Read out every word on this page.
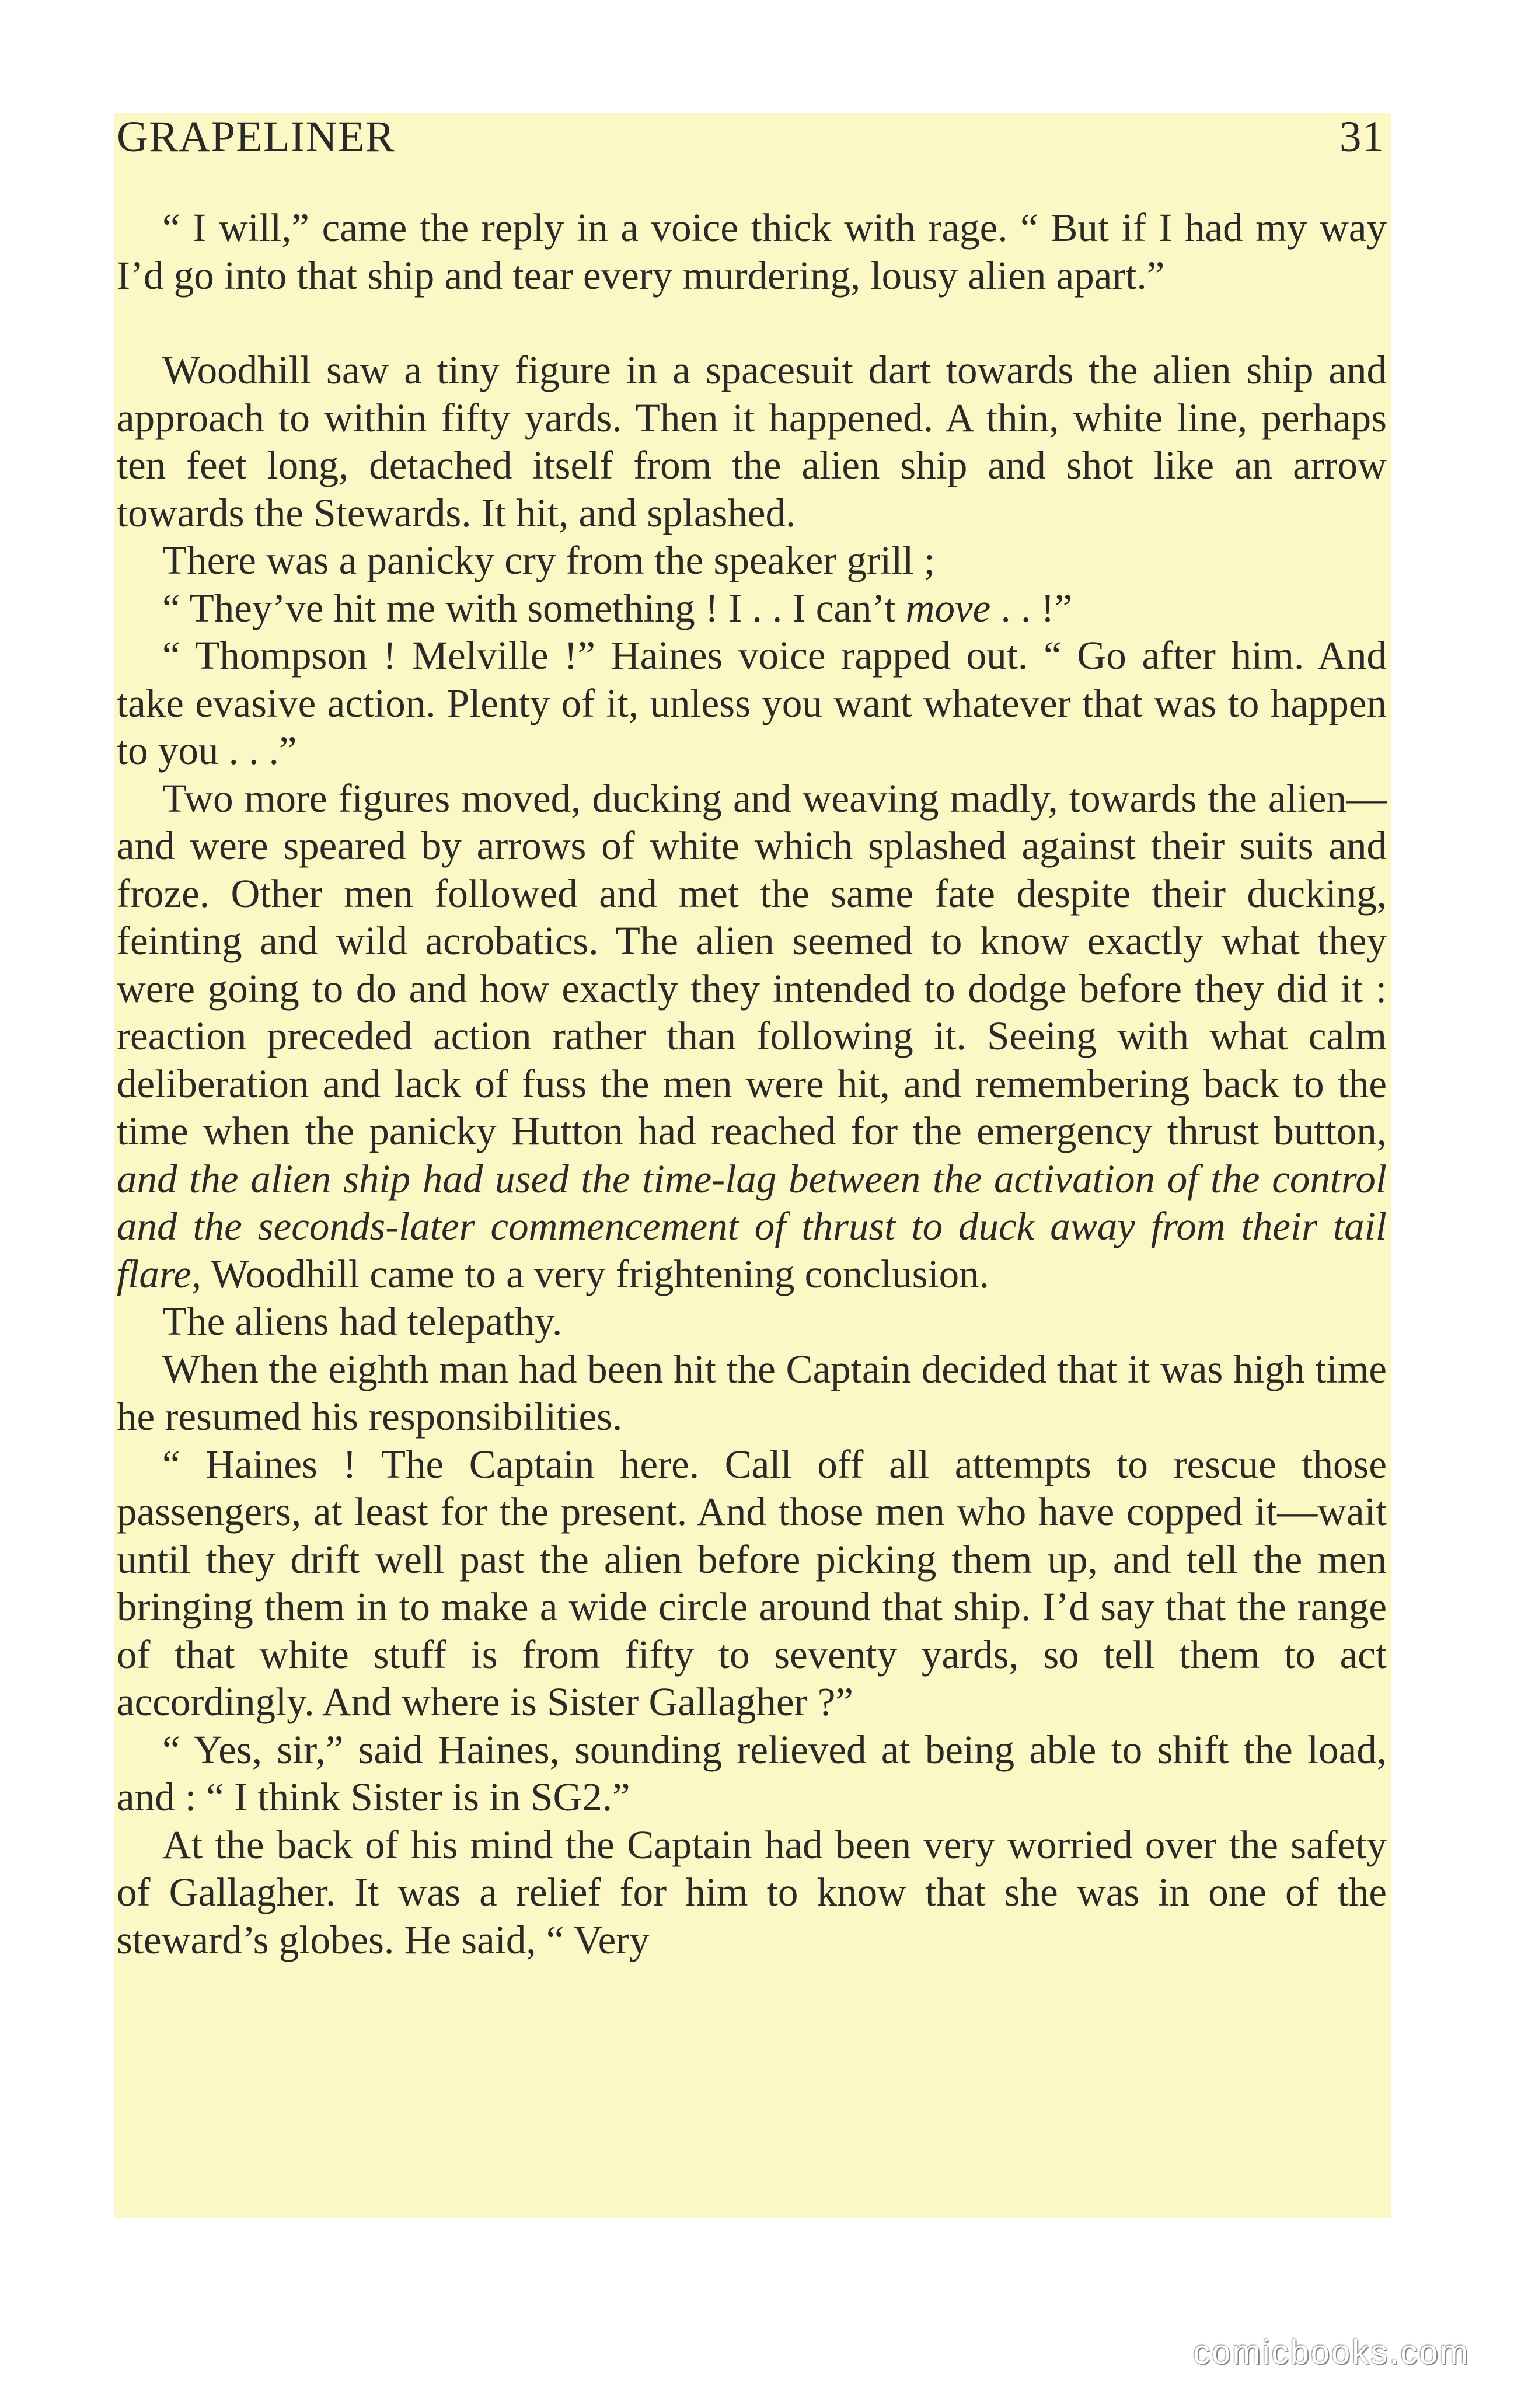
GRAPELINER	31

“ I will,” came the reply in a voice thick with rage. “ But if I had my way I’d go into that ship and tear every murdering, lousy alien apart.”

Woodhill saw a tiny figure in a spacesuit dart towards the alien ship and approach to within fifty yards. Then it happened. A thin, white line, perhaps ten feet long, detached itself from the alien ship and shot like an arrow towards the Stewards. It hit, and splashed.

There was a panicky cry from the speaker grill ;

“ They’ve hit me with something ! I . . I can’t move . . !”

“ Thompson ! Melville !” Haines voice rapped out. “ Go after him. And take evasive action. Plenty of it, unless you want whatever that was to happen to you . . .”

Two more figures moved, ducking and weaving madly, towards the alien—and were speared by arrows of white which splashed against their suits and froze. Other men followed and met the same fate despite their ducking, feinting and wild acrobatics. The alien seemed to know exactly what they were going to do and how exactly they intended to dodge before they did it : reaction preceded action rather than following it. Seeing with what calm deliberation and lack of fuss the men were hit, and remembering back to the time when the panicky Hutton had reached for the emergency thrust button, and the alien ship had used the time-lag between the activation of the control and the seconds-later commencement of thrust to duck away from their tail flare, Woodhill came to a very frightening conclusion.

The aliens had telepathy.

When the eighth man had been hit the Captain decided that it was high time he resumed his responsibilities.

“ Haines ! The Captain here. Call off all attempts to rescue those passengers, at least for the present. And those men who have copped it—wait until they drift well past the alien before picking them up, and tell the men bringing them in to make a wide circle around that ship. I’d say that the range of that white stuff is from fifty to seventy yards, so tell them to act accordingly. And where is Sister Gallagher ?”

“ Yes, sir,” said Haines, sounding relieved at being able to shift the load, and : “ I think Sister is in SG2.”

At the back of his mind the Captain had been very worried over the safety of Gallagher. It was a relief for him to know that she was in one of the steward’s globes. He said, “ Very

comicbooks.com
